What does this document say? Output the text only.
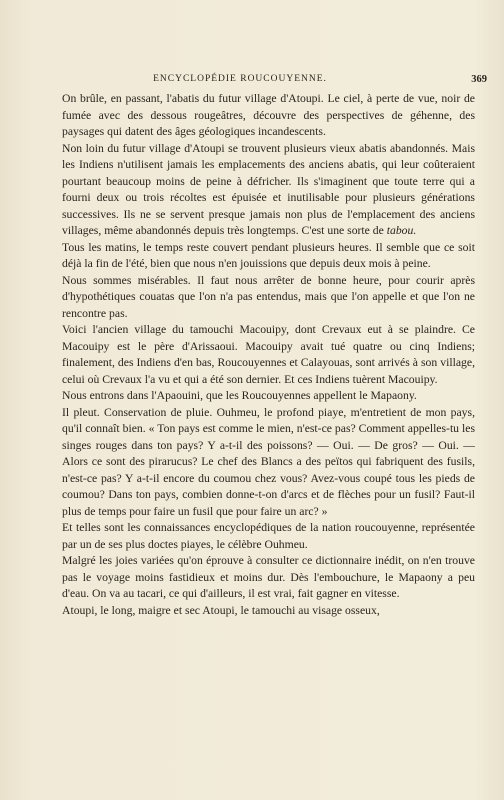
ENCYCLOPÉDIE ROUCOUYENNE.	369

On brûle, en passant, l'abatis du futur village d'Atoupi. Le ciel, à perte de vue, noir de fumée avec des dessous rougeâtres, découvre des perspectives de géhenne, des paysages qui datent des âges géologiques incandescents.

Non loin du futur village d'Atoupi se trouvent plusieurs vieux abatis abandonnés. Mais les Indiens n'utilisent jamais les emplacements des anciens abatis, qui leur coûteraient pourtant beaucoup moins de peine à défricher. Ils s'imaginent que toute terre qui a fourni deux ou trois récoltes est épuisée et inutilisable pour plusieurs générations successives. Ils ne se servent presque jamais non plus de l'emplacement des anciens villages, même abandonnés depuis très longtemps. C'est une sorte de tabou.

Tous les matins, le temps reste couvert pendant plusieurs heures. Il semble que ce soit déjà la fin de l'été, bien que nous n'en jouissions que depuis deux mois à peine.

Nous sommes misérables. Il faut nous arrêter de bonne heure, pour courir après d'hypothétiques couatas que l'on n'a pas entendus, mais que l'on appelle et que l'on ne rencontre pas.

Voici l'ancien village du tamouchi Macouipy, dont Crevaux eut à se plaindre. Ce Macouipy est le père d'Arissaoui. Macouipy avait tué quatre ou cinq Indiens; finalement, des Indiens d'en bas, Roucouyennes et Calayouas, sont arrivés à son village, celui où Crevaux l'a vu et qui a été son dernier. Et ces Indiens tuèrent Macouipy.

Nous entrons dans l'Apaouini, que les Roucouyennes appellent le Mapaony.

Il pleut. Conservation de pluie. Ouhmeu, le profond piaye, m'entretient de mon pays, qu'il connaît bien. « Ton pays est comme le mien, n'est-ce pas? Comment appelles-tu les singes rouges dans ton pays? Y a-t-il des poissons? — Oui. — De gros? — Oui. — Alors ce sont des pirarucus? Le chef des Blancs a des peïtos qui fabriquent des fusils, n'est-ce pas? Y a-t-il encore du coumou chez vous? Avez-vous coupé tous les pieds de coumou? Dans ton pays, combien donne-t-on d'arcs et de flèches pour un fusil? Faut-il plus de temps pour faire un fusil que pour faire un arc? »

Et telles sont les connaissances encyclopédiques de la nation roucouyenne, représentée par un de ses plus doctes piayes, le célèbre Ouhmeu.

Malgré les joies variées qu'on éprouve à consulter ce dictionnaire inédit, on n'en trouve pas le voyage moins fastidieux et moins dur. Dès l'embouchure, le Mapaony a peu d'eau. On va au tacari, ce qui d'ailleurs, il est vrai, fait gagner en vitesse.

Atoupi, le long, maigre et sec Atoupi, le tamouchi au visage osseux,
